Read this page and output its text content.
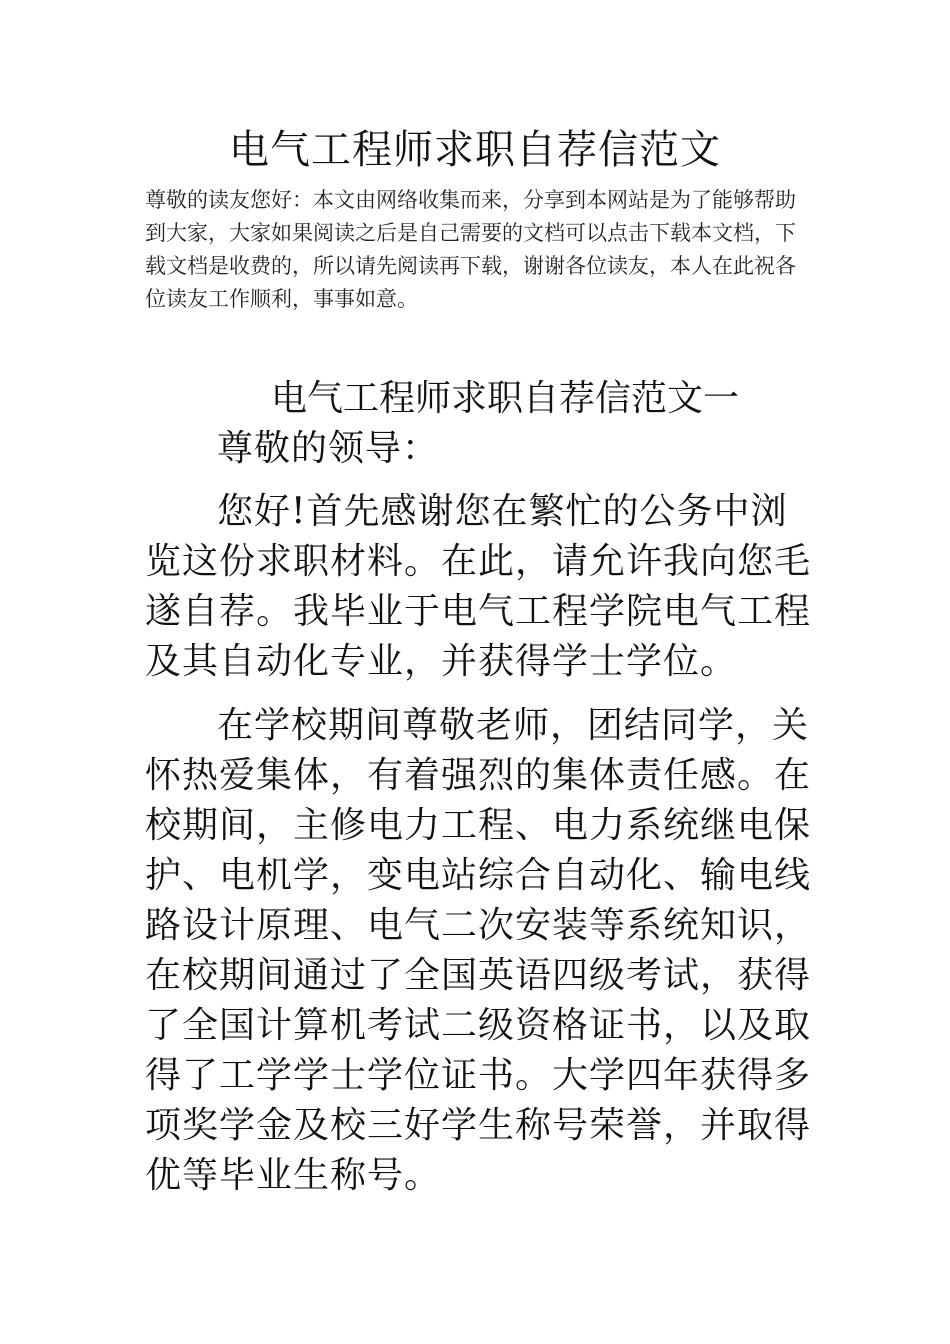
电气工程师求职自荐信范文

尊敬的读友您好：本文由网络收集而来，分享到本网站是为了能够帮助到大家，大家如果阅读之后是自己需要的文档可以点击下载本文档，下载文档是收费的，所以请先阅读再下载，谢谢各位读友，本人在此祝各位读友工作顺利，事事如意。

电气工程师求职自荐信范文一

尊敬的领导：

您好!首先感谢您在繁忙的公务中浏览这份求职材料。在此，请允许我向您毛遂自荐。我毕业于电气工程学院电气工程及其自动化专业，并获得学士学位。

在学校期间尊敬老师，团结同学，关怀热爱集体，有着强烈的集体责任感。在校期间，主修电力工程、电力系统继电保护、电机学，变电站综合自动化、输电线路设计原理、电气二次安装等系统知识，在校期间通过了全国英语四级考试，获得了全国计算机考试二级资格证书，以及取得了工学学士学位证书。大学四年获得多项奖学金及校三好学生称号荣誉，并取得优等毕业生称号。
